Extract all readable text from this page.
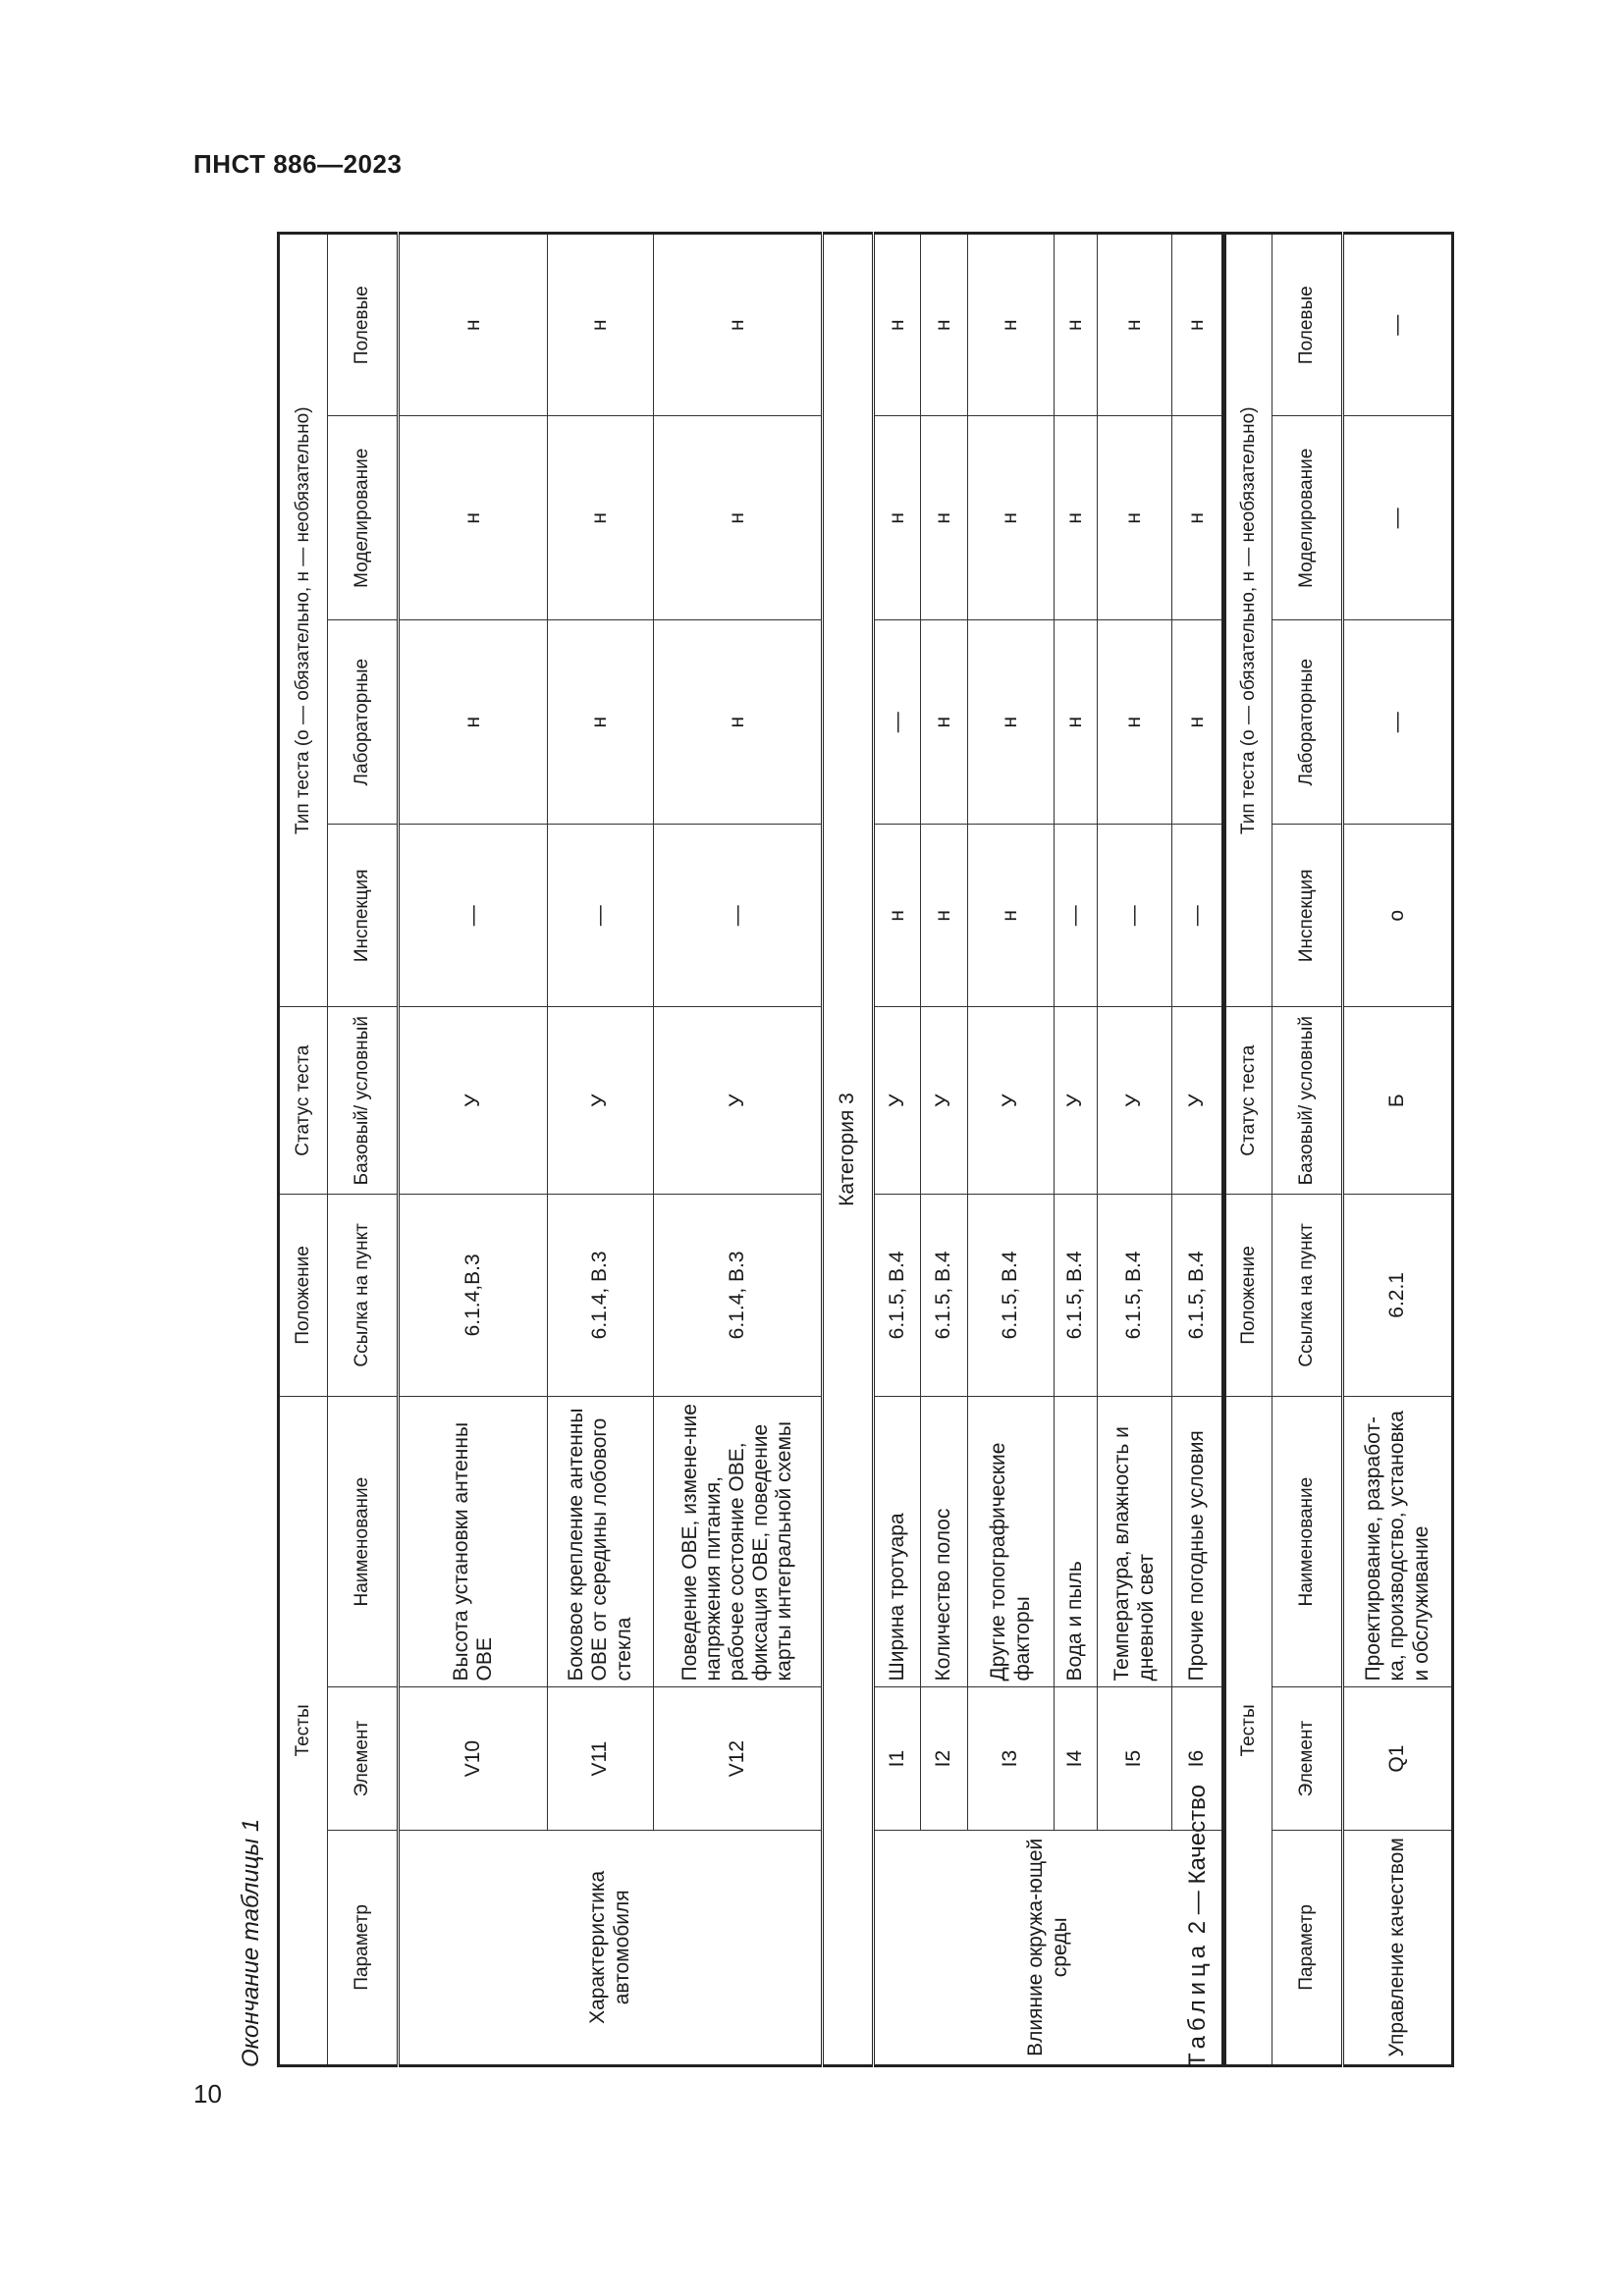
ПНСТ 886—2023
10
Окончание таблицы 1
Тесты			Положение	Статус теста	Тип теста (о — обязательно, н — необязательно)			
Параметр	Элемент	Наименование	Ссылка на пункт	Базовый/ условный	Инспекция	Лабораторные	Моделирование	Полевые
Характеристика автомобиля	V10	Высота установки антенны ОВЕ	6.1.4,В.3	У	—	н	н	н
	V11	Боковое крепление антенны ОВЕ от середины лобового стекла	6.1.4, В.3	У	—	н	н	н
	V12	Поведение ОВЕ, измене-ние напряжения питания, рабочее состояние ОВЕ, фиксация ОВЕ, поведение карты интегральной схемы	6.1.4, В.3	У	—	н	н	н
Категория 3								
Влияние окружа-ющей среды	I1	Ширина тротуара	6.1.5, В.4	У	н	—	н	н
	I2	Количество полос	6.1.5, В.4	У	н	н	н	н
	I3	Другие топографические факторы	6.1.5, В.4	У	н	н	н	н
	I4	Вода и пыль	6.1.5, В.4	У	—	н	н	н
	I5	Температура, влажность и дневной свет	6.1.5, В.4	У	—	н	н	н
	I6	Прочие погодные условия	6.1.5, В.4	У	—	н	н	н
Таблица 2 — Качество
Тесты			Положение	Статус теста	Тип теста (о — обязательно, н — необязательно)			
Параметр	Элемент	Наименование	Ссылка на пункт	Базовый/ условный	Инспекция	Лабораторные	Моделирование	Полевые
Управление качеством	Q1	Проектирование, разработ-ка, производство, установка и обслуживание	6.2.1	Б	о	—	—	—
